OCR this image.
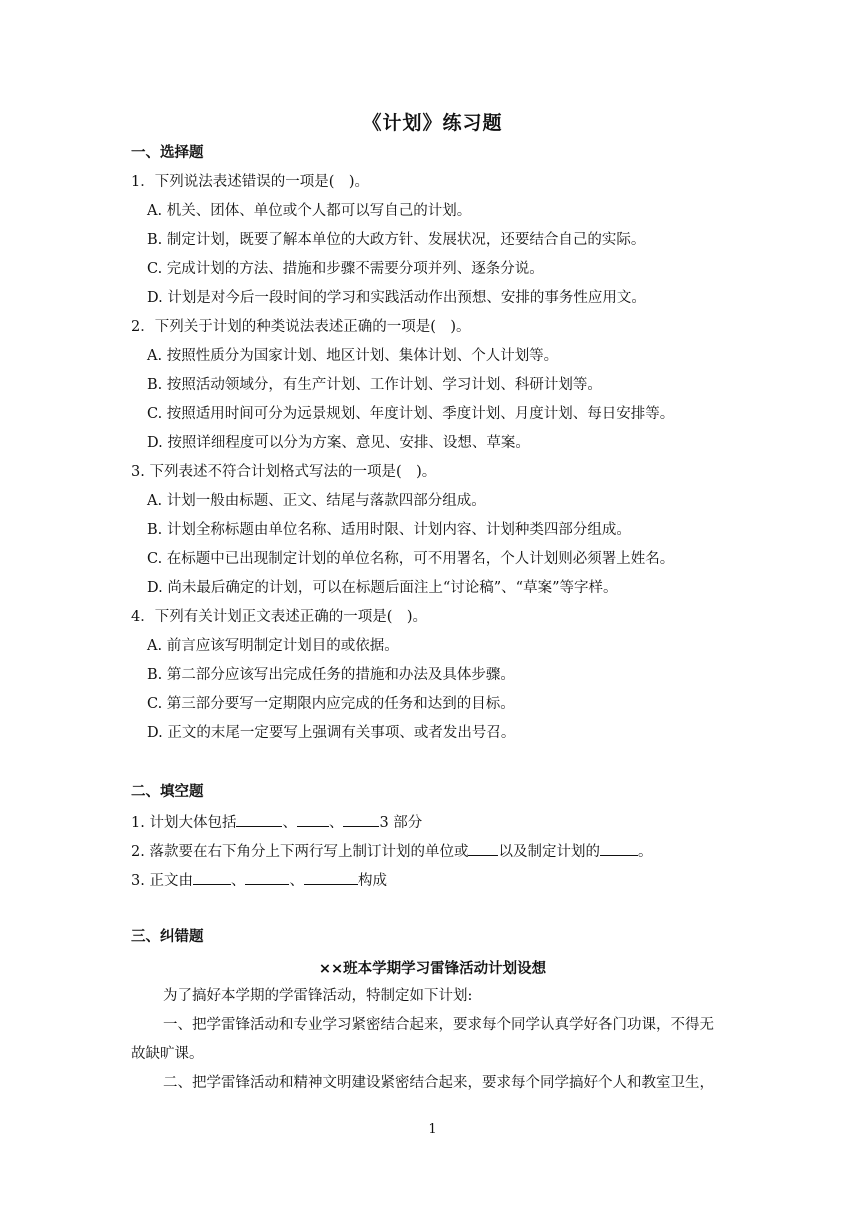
《计划》练习题
一、选择题
1．下列说法表述错误的一项是(　)。
A. 机关、团体、单位或个人都可以写自己的计划。
B. 制定计划，既要了解本单位的大政方针、发展状况，还要结合自己的实际。
C. 完成计划的方法、措施和步骤不需要分项并列、逐条分说。
D. 计划是对今后一段时间的学习和实践活动作出预想、安排的事务性应用文。
2．下列关于计划的种类说法表述正确的一项是(　)。
A. 按照性质分为国家计划、地区计划、集体计划、个人计划等。
B. 按照活动领域分，有生产计划、工作计划、学习计划、科研计划等。
C. 按照适用时间可分为远景规划、年度计划、季度计划、月度计划、每日安排等。
D. 按照详细程度可以分为方案、意见、安排、设想、草案。
3. 下列表述不符合计划格式写法的一项是(　)。
A. 计划一般由标题、正文、结尾与落款四部分组成。
B. 计划全称标题由单位名称、适用时限、计划内容、计划种类四部分组成。
C. 在标题中已出现制定计划的单位名称，可不用署名，个人计划则必须署上姓名。
D. 尚未最后确定的计划，可以在标题后面注上“讨论稿”、“草案”等字样。
4．下列有关计划正文表述正确的一项是(　)。
A. 前言应该写明制定计划目的或依据。
B. 第二部分应该写出完成任务的措施和办法及具体步骤。
C. 第三部分要写一定期限内应完成的任务和达到的目标。
D. 正文的末尾一定要写上强调有关事项、或者发出号召。
二、填空题
1. 计划大体包括	、 、 3 部分
2. 落款要在右下角分上下两行写上制订计划的单位或 以及制定计划的	。
3. 正文由	、	、	构成
三、纠错题
××班本学期学习雷锋活动计划设想
为了搞好本学期的学雷锋活动，特制定如下计划:
一、把学雷锋活动和专业学习紧密结合起来，要求每个同学认真学好各门功课，不得无
故缺旷课。
二、把学雷锋活动和精神文明建设紧密结合起来，要求每个同学搞好个人和教室卫生，
1
